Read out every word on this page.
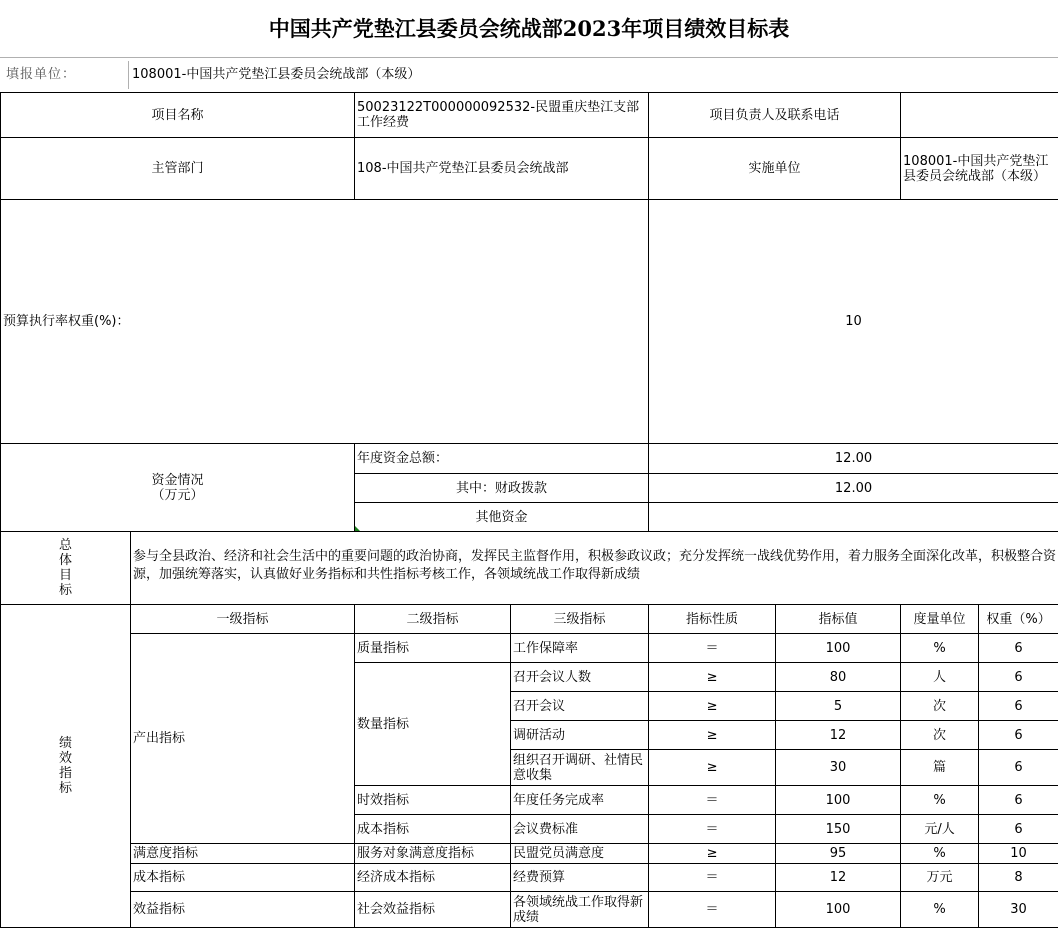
中国共产党垫江县委员会统战部2023年项目绩效目标表
填报单位：	108001-中国共产党垫江县委员会统战部（本级）
项目名称		50023122T000000092532-民盟重庆垫江支部工作经费		项目负责人及联系电话			
主管部门		108-中国共产党垫江县委员会统战部		实施单位		108001-中国共产党垫江县委员会统战部（本级）	
预算执行率权重(%)：				10			

资金情况
（万元）		年度资金总额：		12.00			
		其中：财政拨款		12.00			
		其他资金					

总
体
目
标	参与全县政治、经济和社会生活中的重要问题的政治协商，发挥民主监督作用，积极参政议政；充分发挥统一战线优势作用，着力服务全面深化改革，积极整合资源，加强统筹落实，认真做好业务指标和共性指标考核工作，各领域统战工作取得新成绩						

绩
效
指
标	一级指标	二级指标	三级指标	指标性质	指标值	度量单位	权重（%）
	产出指标	质量指标	工作保障率	＝	100	%	6
		数量指标	召开会议人数	≥	80	人	6
			召开会议	≥	5	次	6
			调研活动	≥	12	次	6
			组织召开调研、社情民意收集	≥	30	篇	6
		时效指标	年度任务完成率	＝	100	%	6
		成本指标	会议费标准	＝	150	元/人	6
	满意度指标	服务对象满意度指标	民盟党员满意度	≥	95	%	10
	成本指标	经济成本指标	经费预算	＝	12	万元	8
	效益指标	社会效益指标	各领域统战工作取得新成绩	＝	100	%	30
